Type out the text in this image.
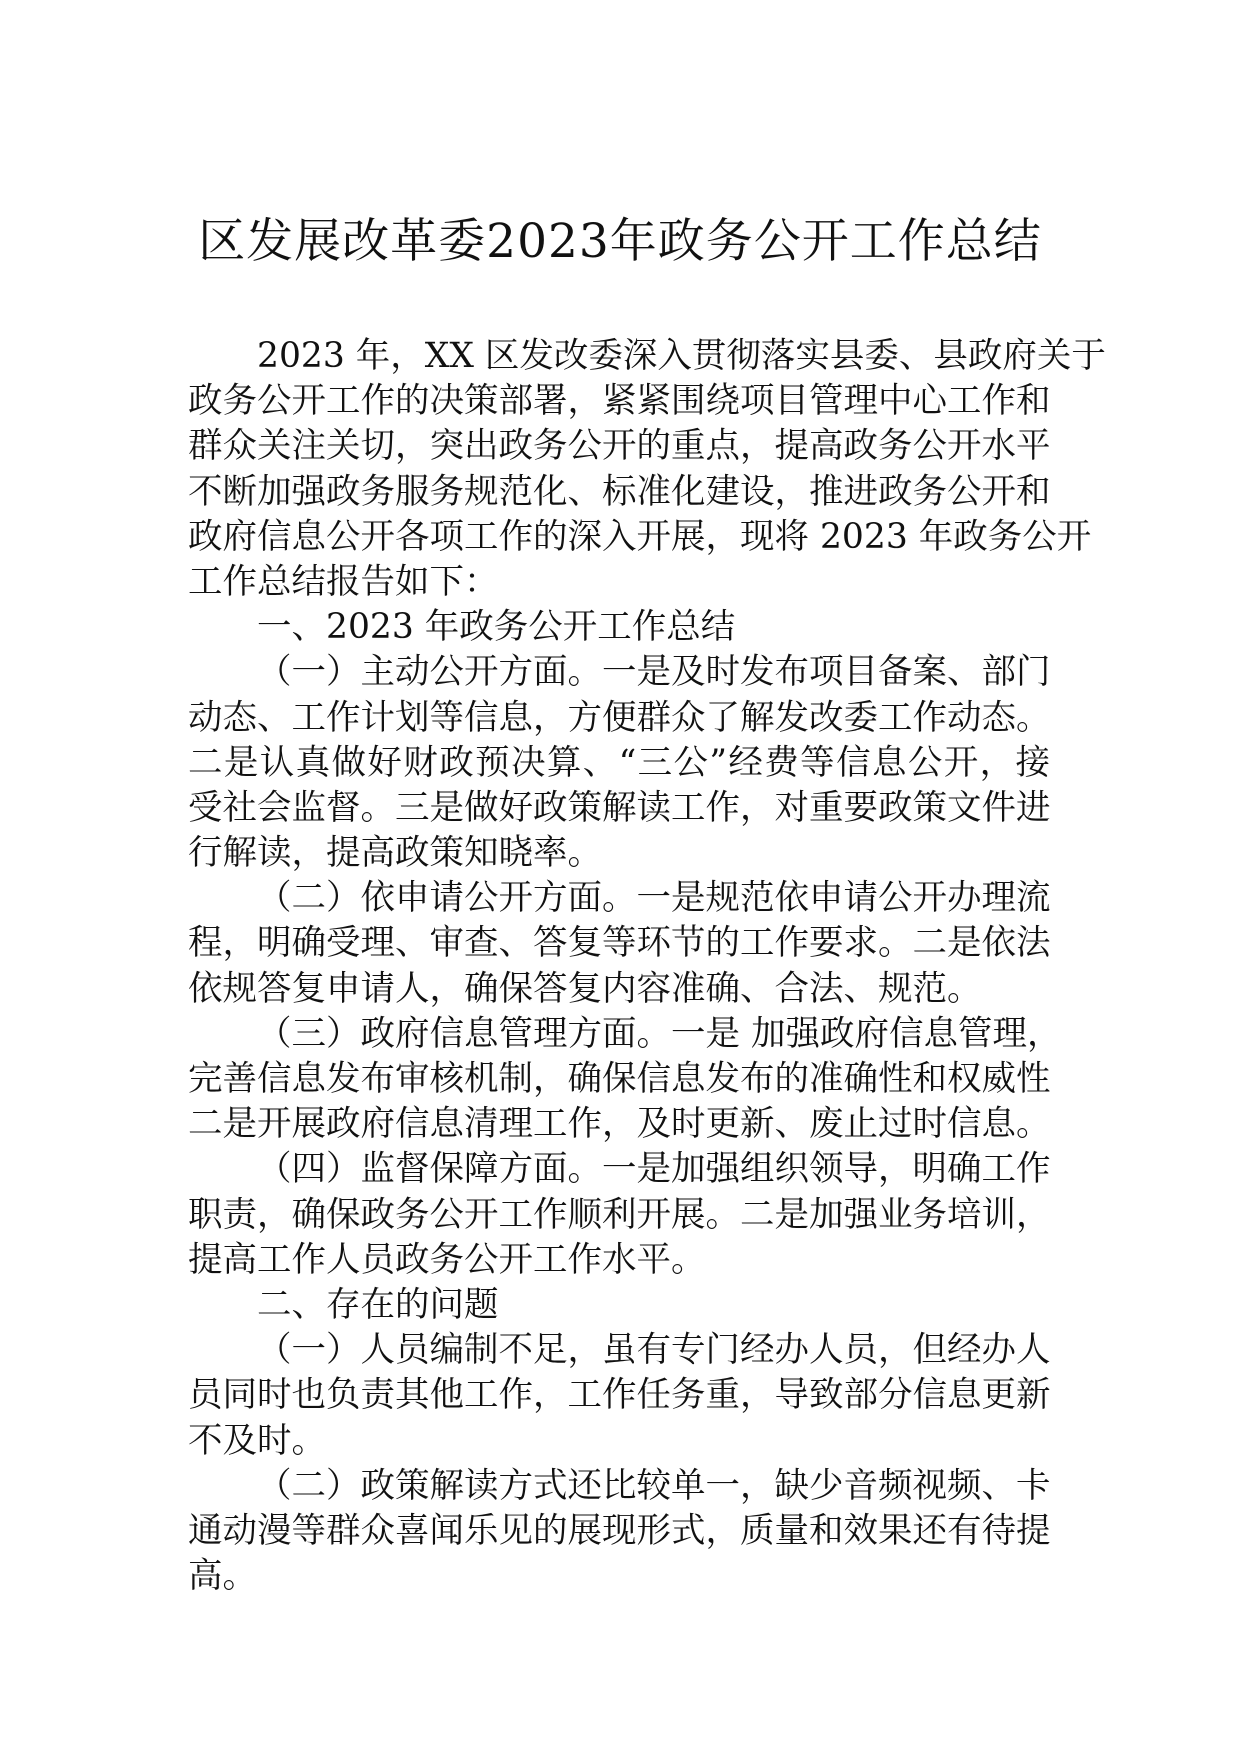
区发展改革委2023年政务公开工作总结
2023 年，XX 区发改委深入贯彻落实县委、县政府关于
政务公开工作的决策部署，紧紧围绕项目管理中心工作和
群众关注关切，突出政务公开的重点，提高政务公开水平
不断加强政务服务规范化、标准化建设，推进政务公开和
政府信息公开各项工作的深入开展，现将 2023 年政务公开
工作总结报告如下：
一、2023 年政务公开工作总结
（一）主动公开方面。一是及时发布项目备案、部门
动态、工作计划等信息，方便群众了解发改委工作动态。
二是认真做好财政预决算、“三公”经费等信息公开，接
受社会监督。三是做好政策解读工作，对重要政策文件进
行解读，提高政策知晓率。
（二）依申请公开方面。一是规范依申请公开办理流
程，明确受理、审查、答复等环节的工作要求。二是依法
依规答复申请人，确保答复内容准确、合法、规范。
（三）政府信息管理方面。一是 加强政府信息管理，
完善信息发布审核机制，确保信息发布的准确性和权威性
二是开展政府信息清理工作，及时更新、废止过时信息。
（四）监督保障方面。一是加强组织领导，明确工作
职责，确保政务公开工作顺利开展。二是加强业务培训，
提高工作人员政务公开工作水平。
二、存在的问题
（一）人员编制不足，虽有专门经办人员，但经办人
员同时也负责其他工作，工作任务重，导致部分信息更新
不及时。
（二）政策解读方式还比较单一，缺少音频视频、卡
通动漫等群众喜闻乐见的展现形式，质量和效果还有待提
高。
